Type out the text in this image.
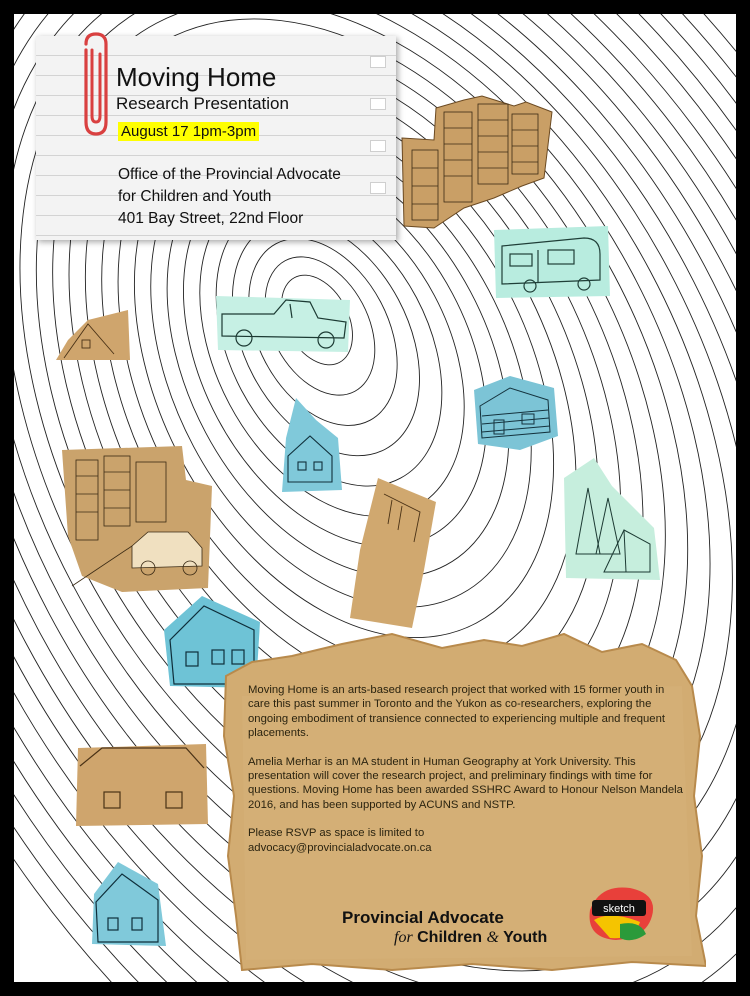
Moving Home is an arts-based research project that worked with 15 former youth in care this past summer in Toronto and the Yukon as co-researchers, exploring the ongoing embodiment of transience connected to experiencing multiple and frequent placements.

Amelia Merhar is an MA student in Human Geography at York University. This presentation will cover the research project, and preliminary findings with time for questions. Moving Home has been awarded SSHRC Award to Honour Nelson Mandela 2016, and has been supported by ACUNS and NSTP.

Please RSVP as space is limited to
advocacy@provincialadvocate.on.ca
Provincial Advocate
for Children & Youth
sketch
Moving Home
Research Presentation
August 17 1pm-3pm
Office of the Provincial Advocate
for Children and Youth
401 Bay Street, 22nd Floor
